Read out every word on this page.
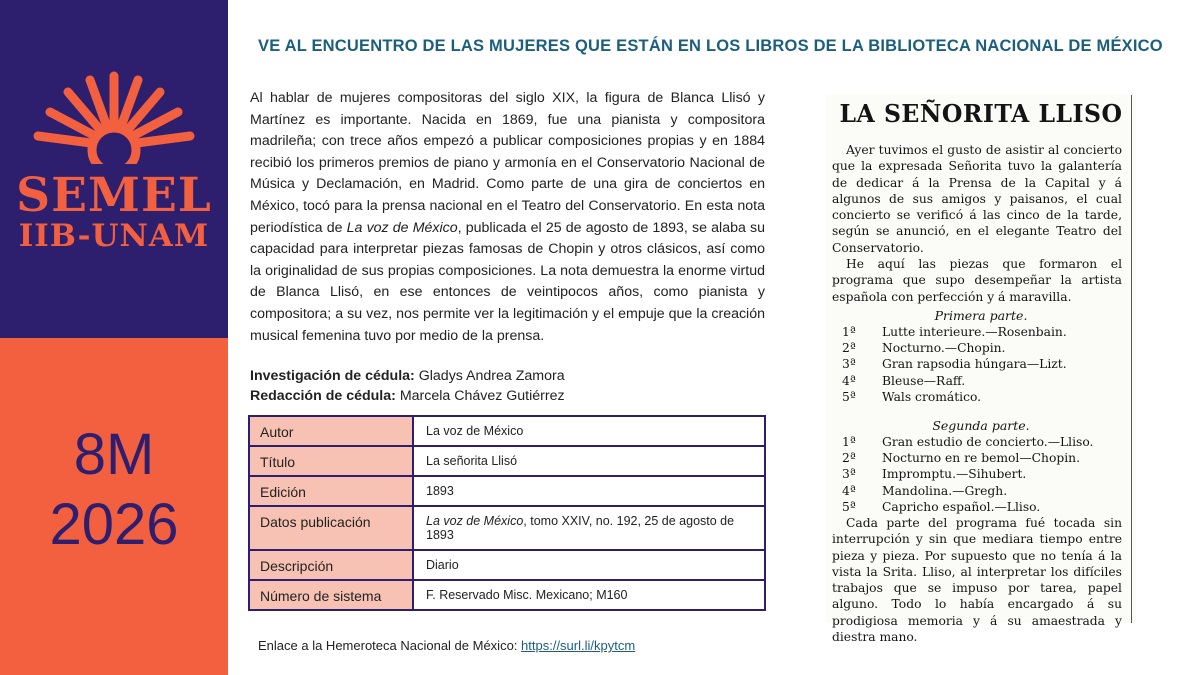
SEMEL
IIB-UNAM
8M
2026
VE AL ENCUENTRO DE LAS MUJERES QUE ESTÁN EN LOS LIBROS DE LA BIBLIOTECA NACIONAL DE MÉXICO
Al hablar de mujeres compositoras del siglo XIX, la figura de Blanca Llisó y Martínez es importante. Nacida en 1869, fue una pianista y compositora madrileña; con trece años empezó a publicar composiciones propias y en 1884 recibió los primeros premios de piano y armonía en el Conservatorio Nacional de Música y Declamación, en Madrid. Como parte de una gira de conciertos en México, tocó para la prensa nacional en el Teatro del Conservatorio. En esta nota periodística de La voz de México, publicada el 25 de agosto de 1893, se alaba su capacidad para interpretar piezas famosas de Chopin y otros clásicos, así como la originalidad de sus propias composiciones. La nota demuestra la enorme virtud de Blanca Llisó, en ese entonces de veintipocos años, como pianista y compositora; a su vez, nos permite ver la legitimación y el empuje que la creación musical femenina tuvo por medio de la prensa.
Investigación de cédula: Gladys Andrea Zamora
Redacción de cédula: Marcela Chávez Gutiérrez
Autor	La voz de México
Título	La señorita Llisó
Edición	1893
Datos publicación	La voz de México, tomo XXIV, no. 192, 25 de agosto de 1893
Descripción	Diario
Número de sistema	F. Reservado Misc. Mexicano; M160
Enlace a la Hemeroteca Nacional de México: https://surl.li/kpytcm
LA SEÑORITA LLISO
Ayer tuvimos el gusto de asistir al concierto que la expresada Señorita tuvo la galantería de dedicar á la Prensa de la Capital y á algunos de sus amigos y paisanos, el cual concierto se verificó á las cinco de la tarde, según se anunció, en el elegante Teatro del Conservatorio.
He aquí las piezas que formaron el programa que supo desempeñar la artista española con perfección y á maravilla.
Primera parte.
1ª Lutte interieure.—Rosenbain.
2ª Nocturno.—Chopin.
3ª Gran rapsodia húngara—Lizt.
4ª Bleuse—Raff.
5ª Wals cromático.
Segunda parte.
1ª Gran estudio de concierto.—Lliso.
2ª Nocturno en re bemol—Chopin.
3ª Impromptu.—Sihubert.
4ª Mandolina.—Gregh.
5ª Capricho español.—Lliso.
Cada parte del programa fué tocada sin interrupción y sin que mediara tiempo entre pieza y pieza. Por supuesto que no tenía á la vista la Srita. Lliso, al interpretar los difíciles trabajos que se impuso por tarea, papel alguno. Todo lo había encargado á su prodigiosa memoria y á su amaestrada y diestra mano.
